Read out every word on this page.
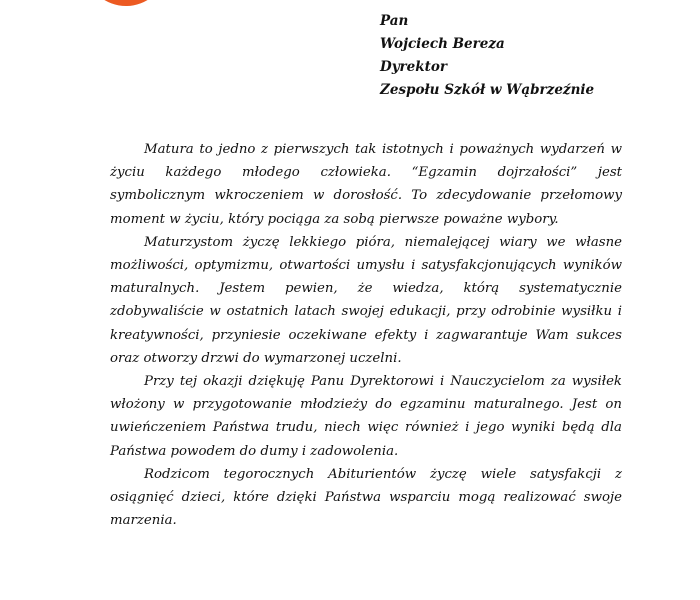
Pan
Wojciech Bereza
Dyrektor
Zespołu Szkół w Wąbrzeźnie

Matura to jedno z pierwszych tak istotnych i poważnych wydarzeń w życiu każdego młodego człowieka. “Egzamin dojrzałości” jest symbolicznym wkroczeniem w dorosłość. To zdecydowanie przełomowy moment w życiu, który pociąga za sobą pierwsze poważne wybory.

Maturzystom życzę lekkiego pióra, niemalejącej wiary we własne możliwości, optymizmu, otwartości umysłu i satysfakcjonujących wyników maturalnych. Jestem pewien, że wiedza, którą systematycznie zdobywaliście w ostatnich latach swojej edukacji, przy odrobinie wysiłku i kreatywności, przyniesie oczekiwane efekty i zagwarantuje Wam sukces oraz otworzy drzwi do wymarzonej uczelni.

Przy tej okazji dziękuję Panu Dyrektorowi i Nauczycielom za wysiłek włożony w przygotowanie młodzieży do egzaminu maturalnego. Jest on uwieńczeniem Państwa trudu, niech więc również i jego wyniki będą dla Państwa powodem do dumy i zadowolenia.

Rodzicom tegorocznych Abiturientów życzę wiele satysfakcji z osiągnięć dzieci, które dzięki Państwa wsparciu mogą realizować swoje marzenia.
